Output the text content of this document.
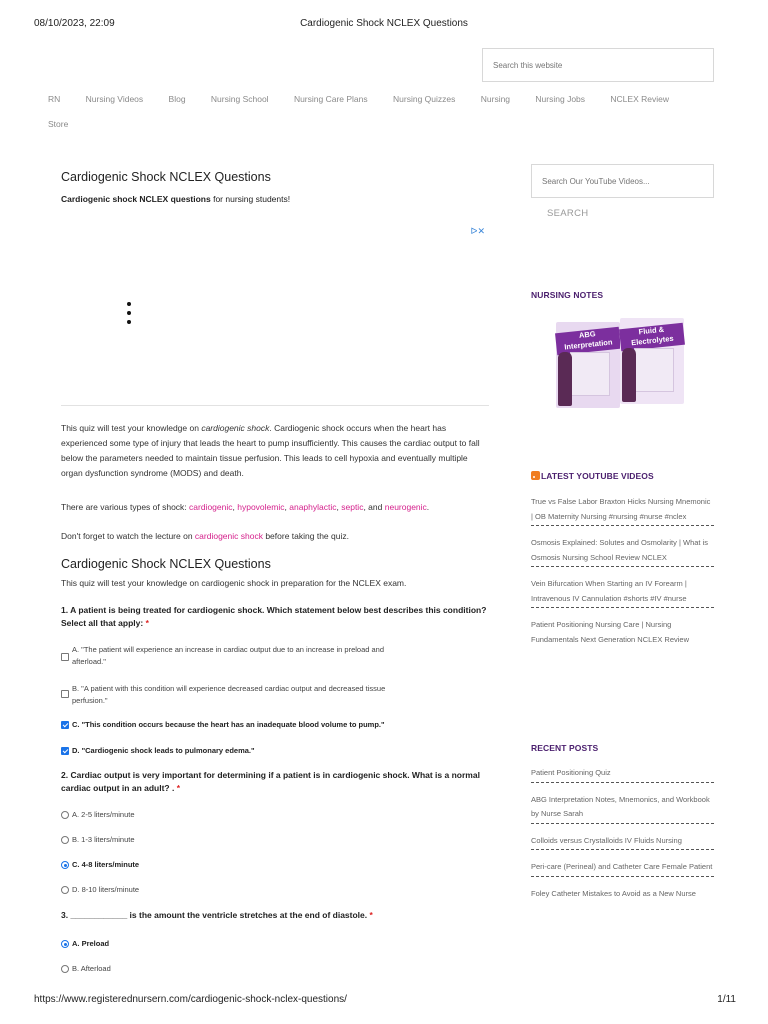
08/10/2023, 22:09	Cardiogenic Shock NCLEX Questions
Search this website
RN	Nursing Videos	Blog	Nursing School	Nursing Care Plans	Nursing Quizzes	Nursing	Nursing Jobs	NCLEX Review
Store
Cardiogenic Shock NCLEX Questions
Cardiogenic shock NCLEX questions for nursing students!
ᐅ✕
This quiz will test your knowledge on cardiogenic shock. Cardiogenic shock occurs when the heart has experienced some type of injury that leads the heart to pump insufficiently. This causes the cardiac output to fall below the parameters needed to maintain tissue perfusion. This leads to cell hypoxia and eventually multiple organ dysfunction syndrome (MODS) and death.
There are various types of shock: cardiogenic, hypovolemic, anaphylactic, septic, and neurogenic.
Don't forget to watch the lecture on cardiogenic shock before taking the quiz.
Cardiogenic Shock NCLEX Questions
This quiz will test your knowledge on cardiogenic shock in preparation for the NCLEX exam.
1. A patient is being treated for cardiogenic shock. Which statement below best describes this condition? Select all that apply: *
A. "The patient will experience an increase in cardiac output due to an increase in preload and
afterload."
B. "A patient with this condition will experience decreased cardiac output and decreased tissue
perfusion."
C. "This condition occurs because the heart has an inadequate blood volume to pump."
D. "Cardiogenic shock leads to pulmonary edema."
2. Cardiac output is very important for determining if a patient is in cardiogenic shock. What is a normal cardiac output in an adult? . *
A. 2-5 liters/minute
B. 1-3 liters/minute
C. 4-8 liters/minute
D. 8-10 liters/minute
3. ____________ is the amount the ventricle stretches at the end of diastole. *
A. Preload
B. Afterload
Search Our YouTube Videos...
SEARCH
NURSING NOTES
ABG Interpretation
Fluid & Electrolytes
LATEST YOUTUBE VIDEOS
True vs False Labor Braxton Hicks Nursing Mnemonic | OB Maternity Nursing #nursing #nurse #nclex
Osmosis Explained: Solutes and Osmolarity | What is Osmosis Nursing School Review NCLEX
Vein Bifurcation When Starting an IV Forearm | Intravenous IV Cannulation #shorts #IV #nurse
Patient Positioning Nursing Care | Nursing Fundamentals Next Generation NCLEX Review
RECENT POSTS
Patient Positioning Quiz
ABG Interpretation Notes, Mnemonics, and Workbook by Nurse Sarah
Colloids versus Crystalloids IV Fluids Nursing
Peri-care (Perineal) and Catheter Care Female Patient
Foley Catheter Mistakes to Avoid as a New Nurse
https://www.registerednursern.com/cardiogenic-shock-nclex-questions/	1/11
